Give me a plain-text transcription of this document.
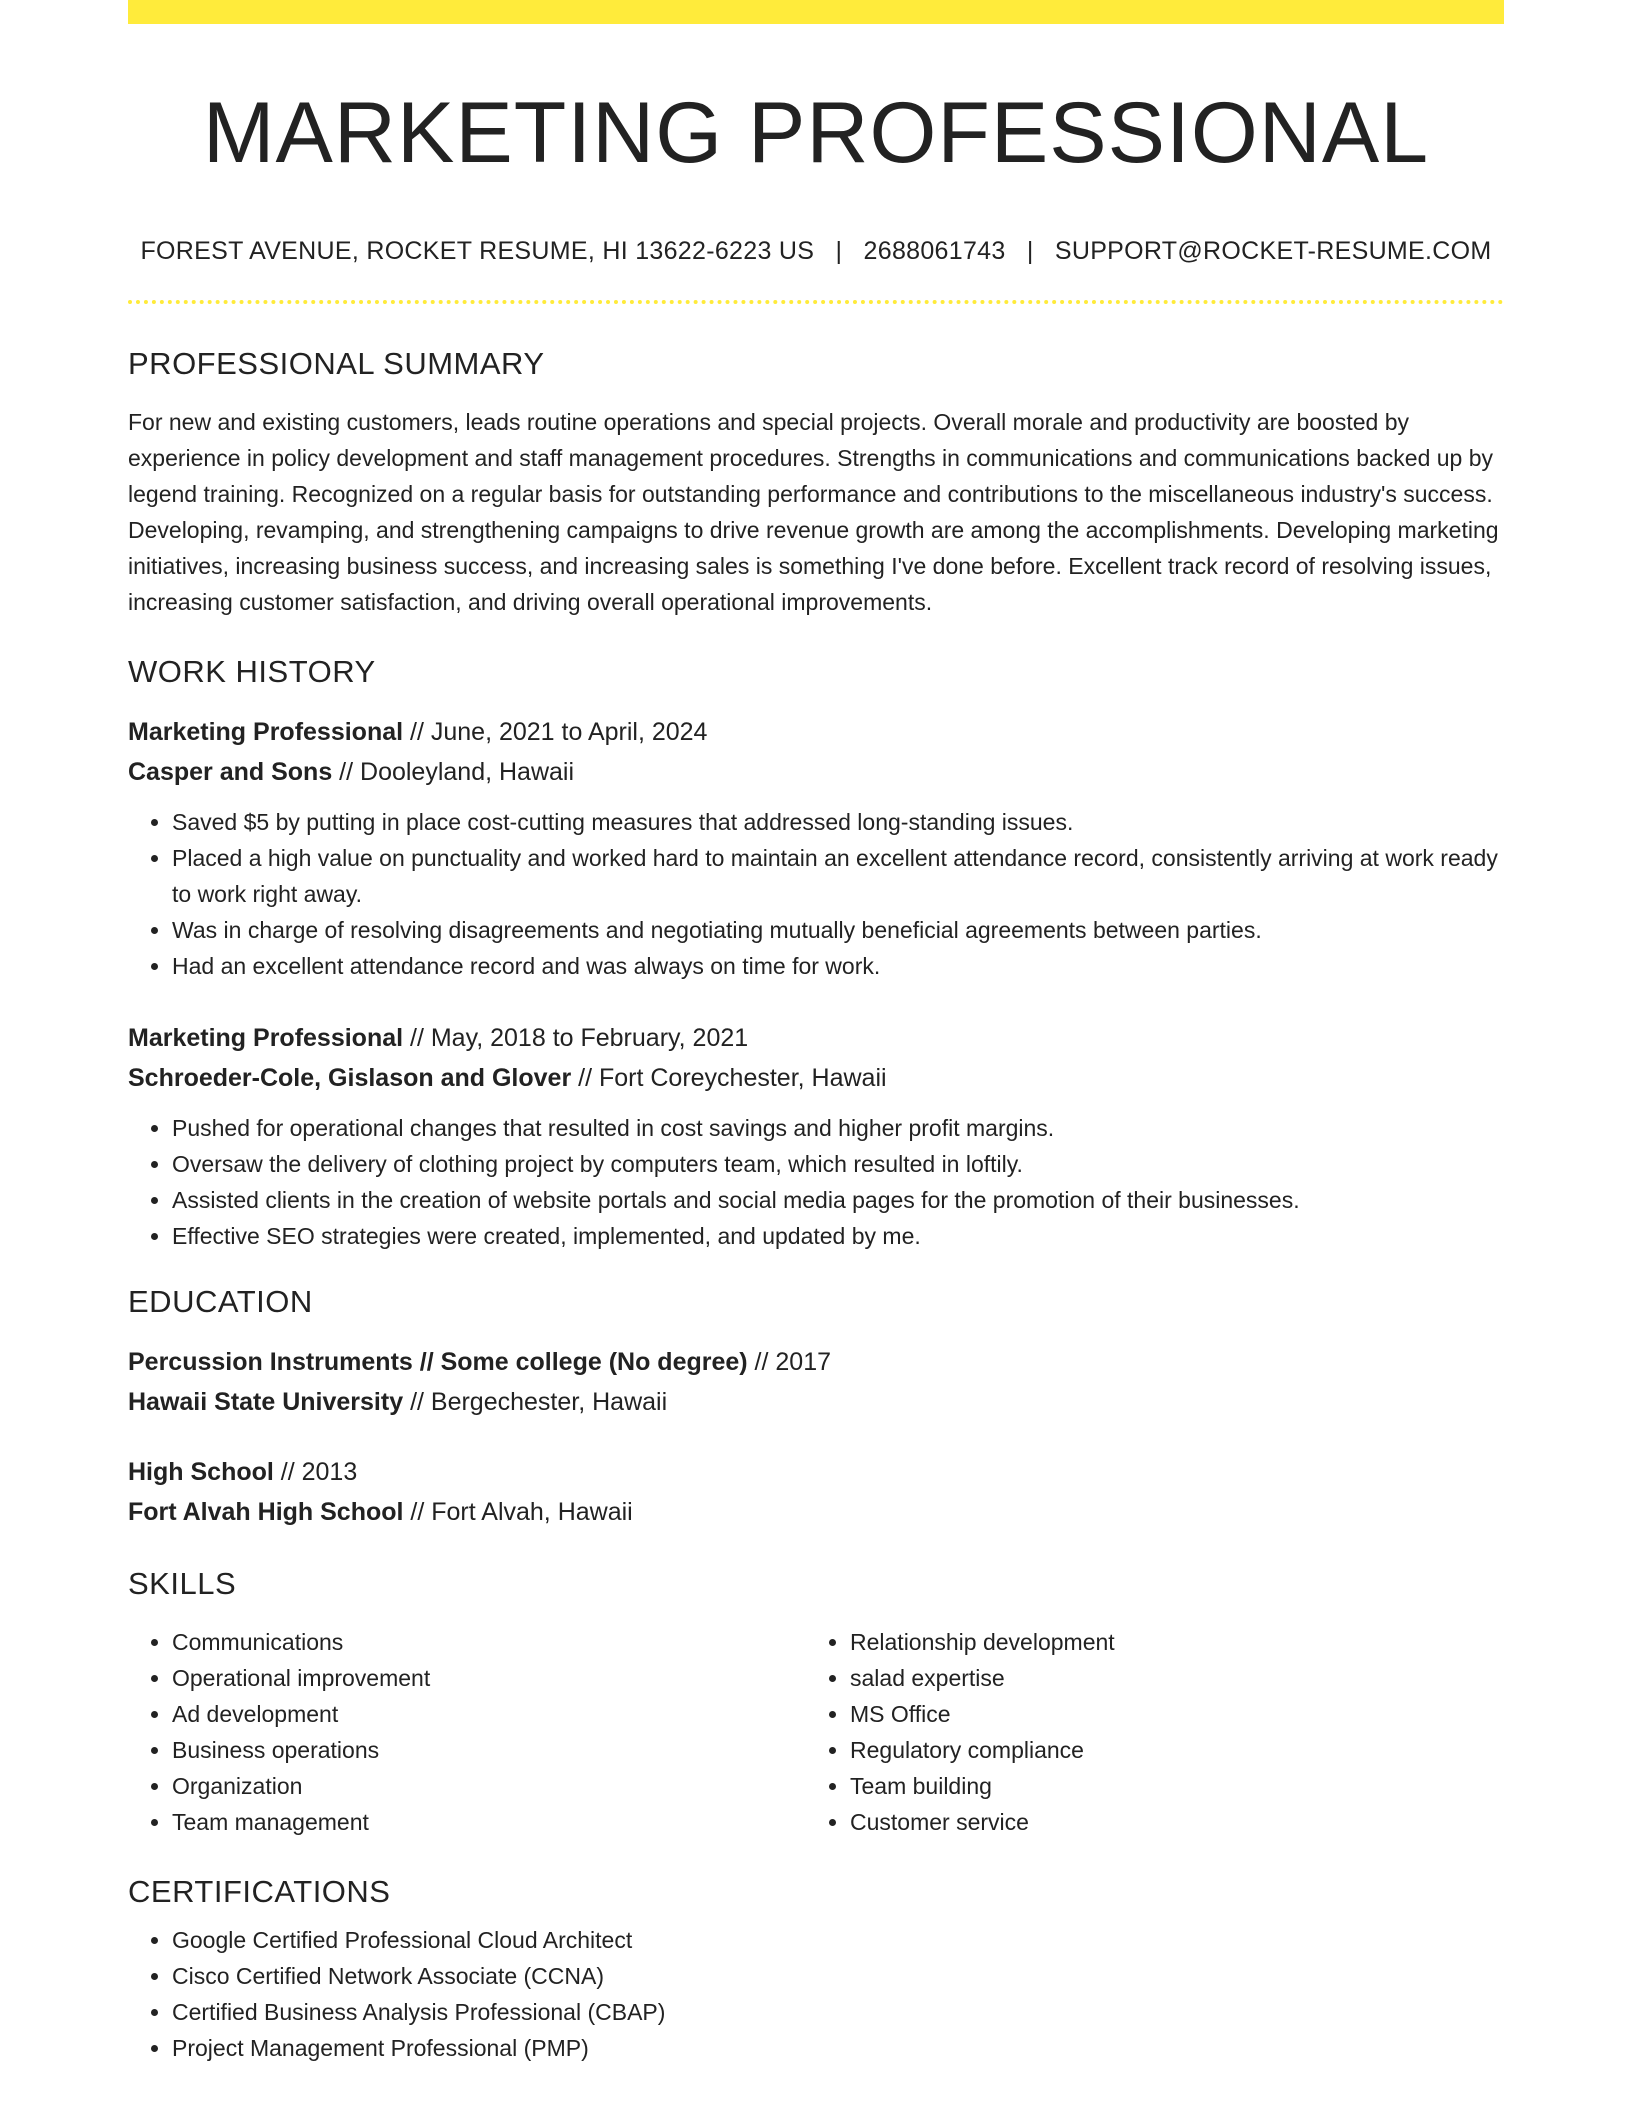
MARKETING PROFESSIONAL
FOREST AVENUE, ROCKET RESUME, HI 13622-6223 US | 2688061743 | SUPPORT@ROCKET-RESUME.COM
PROFESSIONAL SUMMARY

For new and existing customers, leads routine operations and special projects. Overall morale and productivity are boosted by experience in policy development and staff management procedures. Strengths in communications and communications backed up by legend training. Recognized on a regular basis for outstanding performance and contributions to the miscellaneous industry's success. Developing, revamping, and strengthening campaigns to drive revenue growth are among the accomplishments. Developing marketing initiatives, increasing business success, and increasing sales is something I've done before. Excellent track record of resolving issues, increasing customer satisfaction, and driving overall operational improvements.

WORK HISTORY
Marketing Professional // June, 2021 to April, 2024
Casper and Sons // Dooleyland, Hawaii
• Saved $5 by putting in place cost-cutting measures that addressed long-standing issues.
• Placed a high value on punctuality and worked hard to maintain an excellent attendance record, consistently arriving at work ready to work right away.
• Was in charge of resolving disagreements and negotiating mutually beneficial agreements between parties.
• Had an excellent attendance record and was always on time for work.
Marketing Professional // May, 2018 to February, 2021
Schroeder-Cole, Gislason and Glover // Fort Coreychester, Hawaii
• Pushed for operational changes that resulted in cost savings and higher profit margins.
• Oversaw the delivery of clothing project by computers team, which resulted in loftily.
• Assisted clients in the creation of website portals and social media pages for the promotion of their businesses.
• Effective SEO strategies were created, implemented, and updated by me.
EDUCATION
Percussion Instruments // Some college (No degree) // 2017
Hawaii State University // Bergechester, Hawaii
High School // 2013
Fort Alvah High School // Fort Alvah, Hawaii
SKILLS
• Communications
• Operational improvement
• Ad development
• Business operations
• Organization
• Team management
• Relationship development
• salad expertise
• MS Office
• Regulatory compliance
• Team building
• Customer service
CERTIFICATIONS
• Google Certified Professional Cloud Architect
• Cisco Certified Network Associate (CCNA)
• Certified Business Analysis Professional (CBAP)
• Project Management Professional (PMP)
